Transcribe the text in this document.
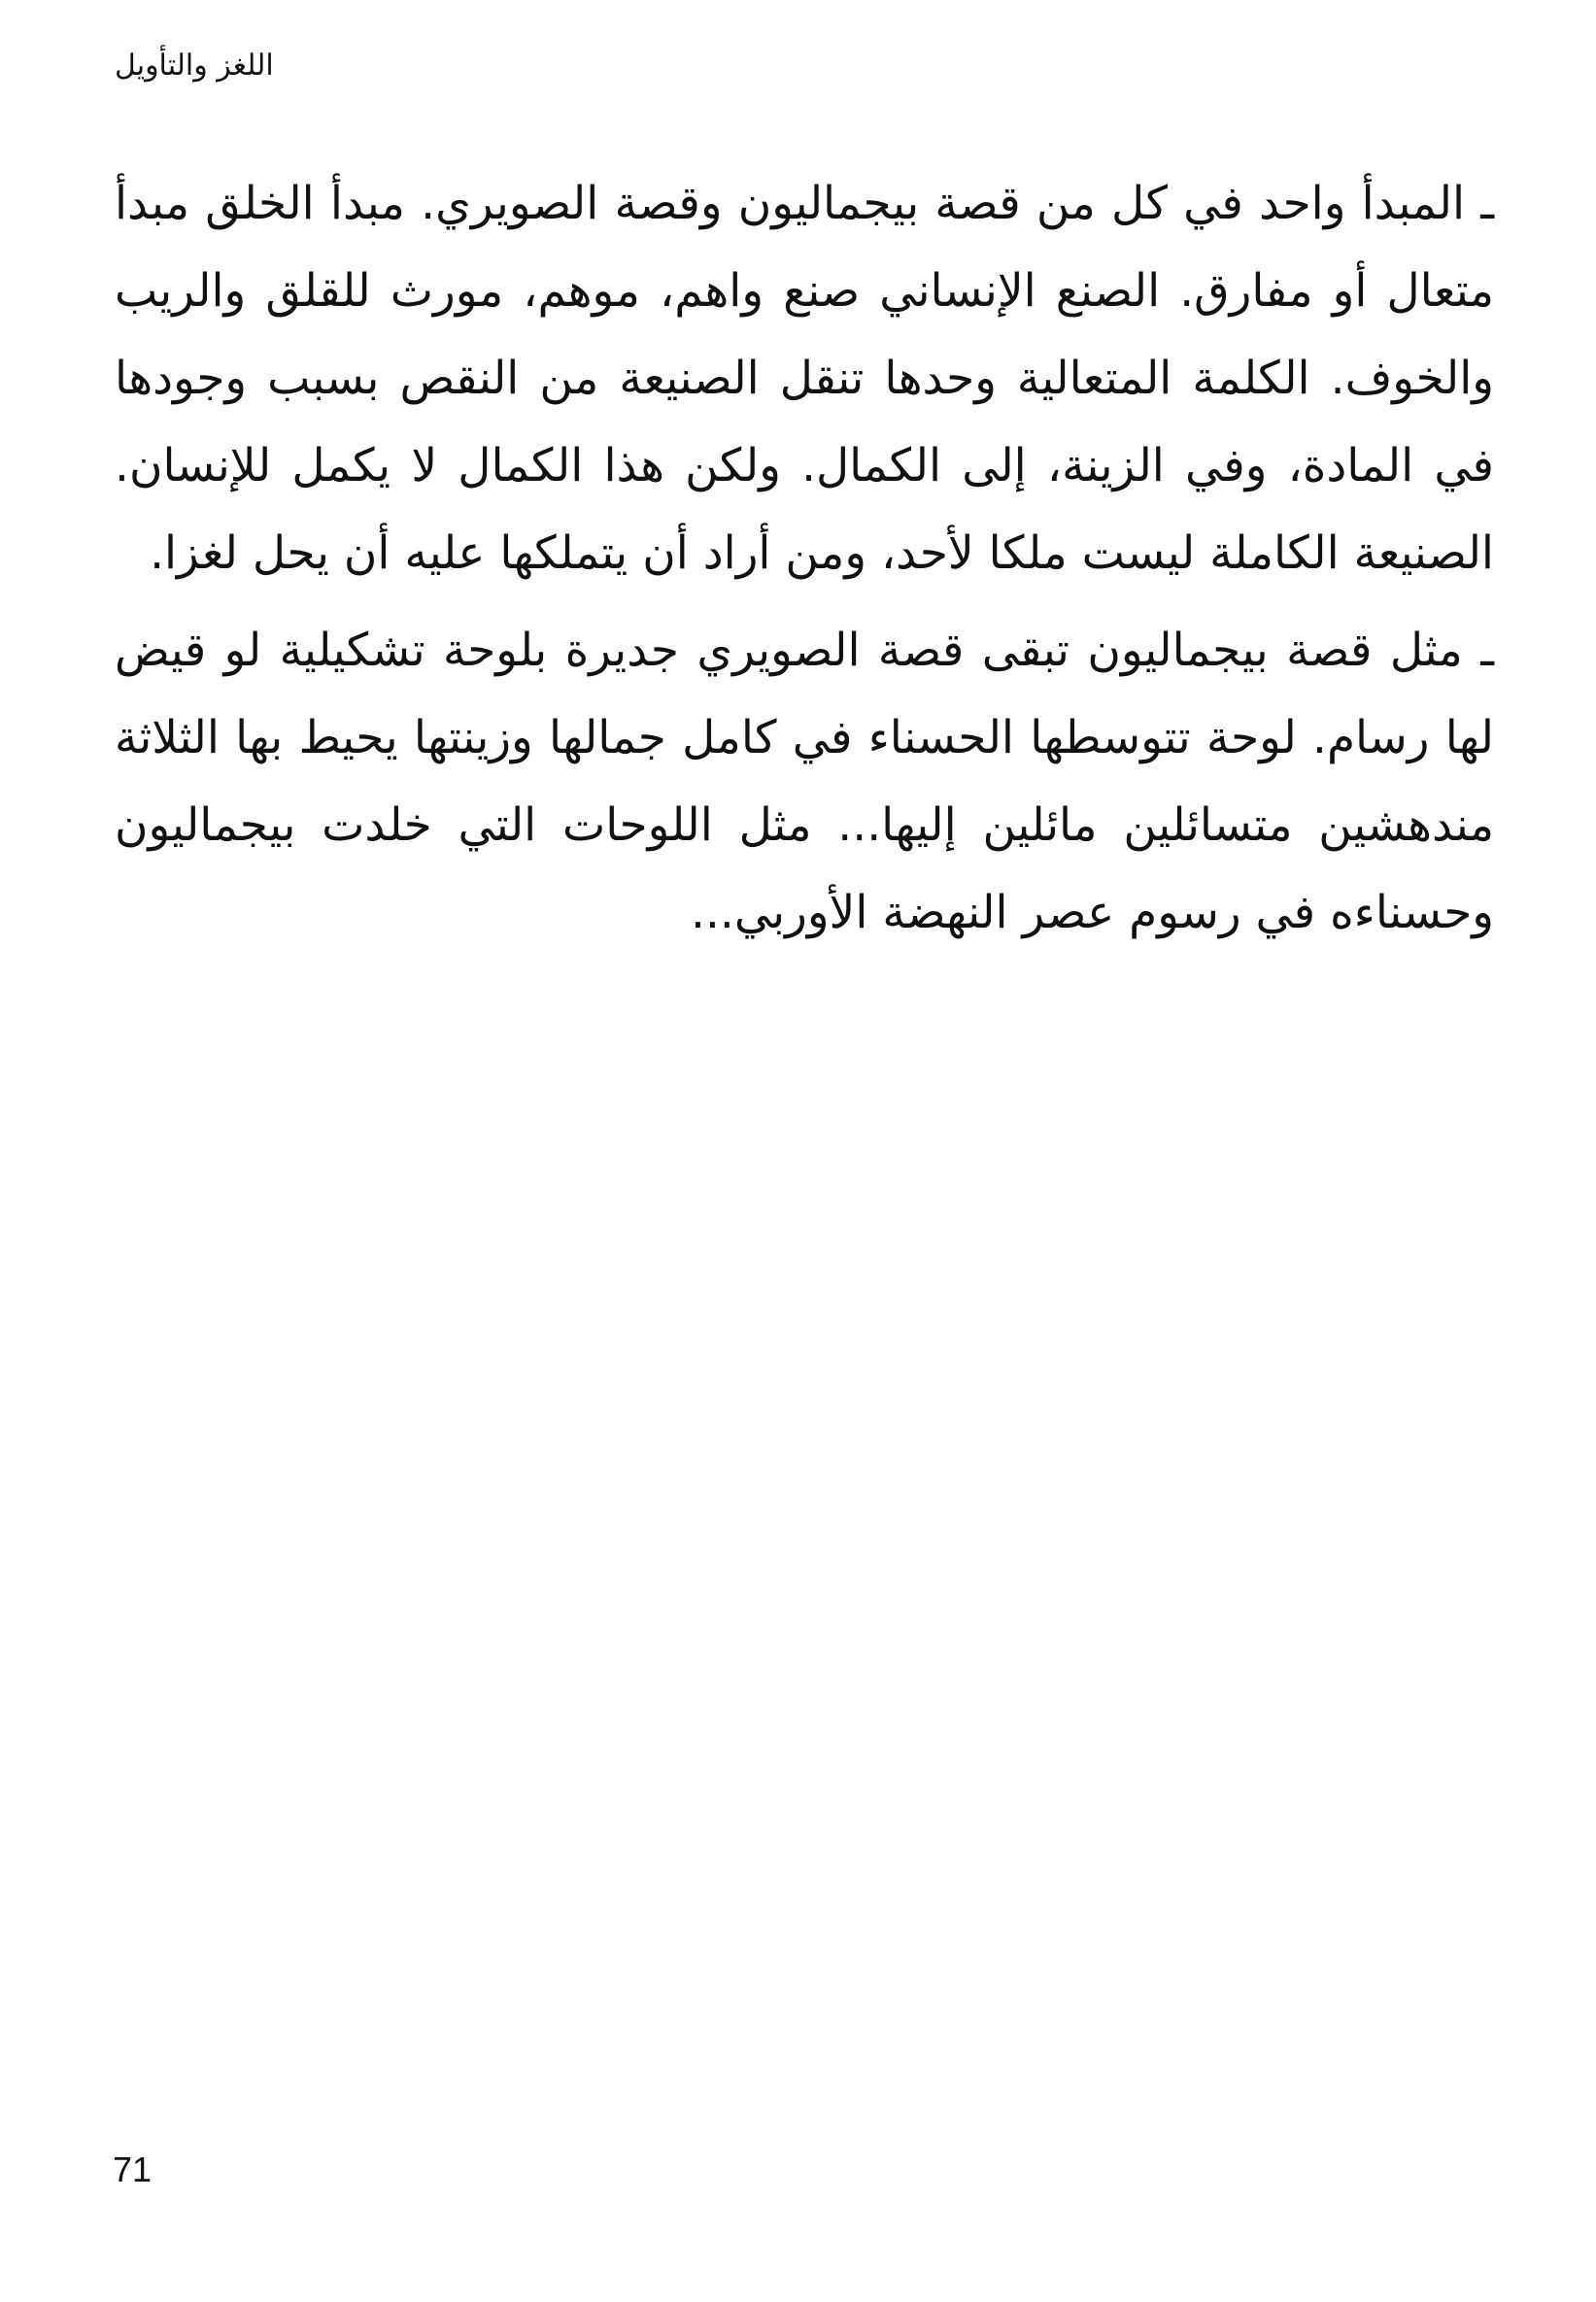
اللغز والتأويل

ـ المبدأ واحد في كل من قصة بيجماليون وقصة الصويري. مبدأ الخلق مبدأ متعال أو مفارق. الصنع الإنساني صنع واهم، موهم، مورث للقلق والريب والخوف. الكلمة المتعالية وحدها تنقل الصنيعة من النقص بسبب وجودها في المادة، وفي الزينة، إلى الكمال. ولكن هذا الكمال لا يكمل للإنسان. الصنيعة الكاملة ليست ملكا لأحد، ومن أراد أن يتملكها عليه أن يحل لغزا.

ـ مثل قصة بيجماليون تبقى قصة الصويري جديرة بلوحة تشكيلية لو قيض لها رسام. لوحة تتوسطها الحسناء في كامل جمالها وزينتها يحيط بها الثلاثة مندهشين متسائلين مائلين إليها... مثل اللوحات التي خلدت بيجماليون وحسناءه في رسوم عصر النهضة الأوربي...

71
